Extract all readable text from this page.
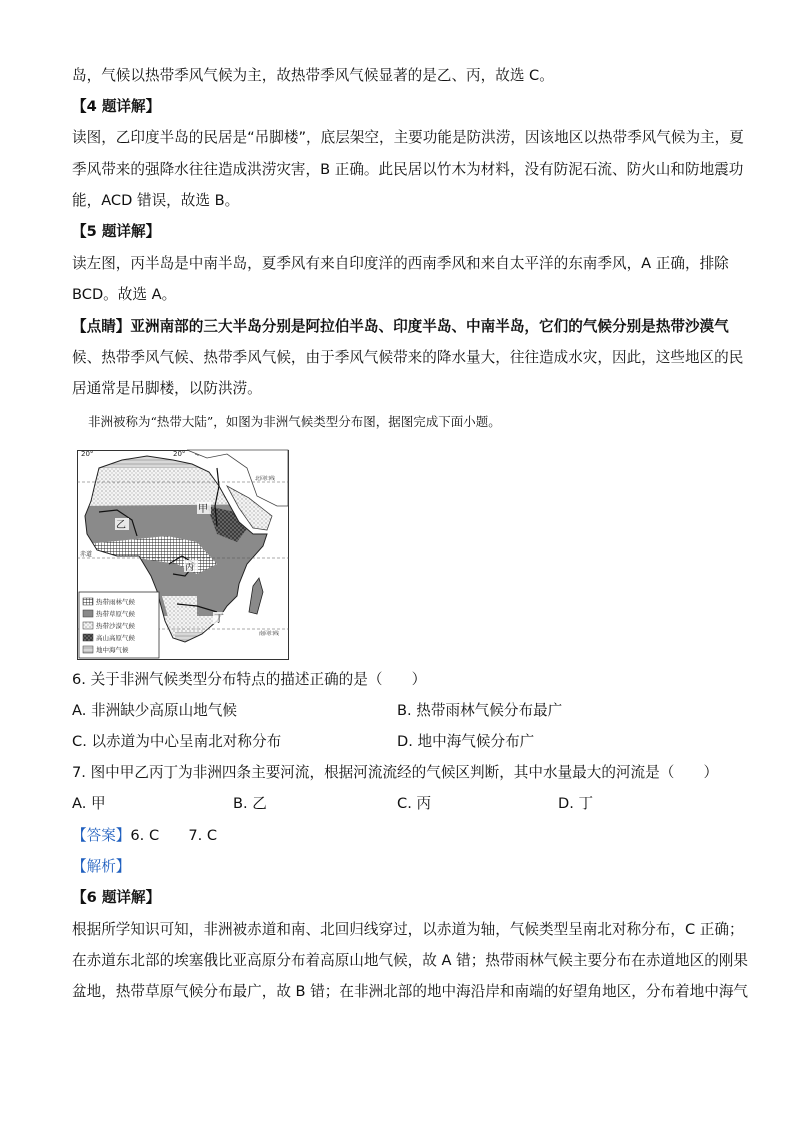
岛，气候以热带季风气候为主，故热带季风气候显著的是乙、丙，故选 C。
【4 题详解】
读图，乙印度半岛的民居是“吊脚楼”，底层架空，主要功能是防洪涝，因该地区以热带季风气候为主，夏
季风带来的强降水往往造成洪涝灾害，B 正确。此民居以竹木为材料，没有防泥石流、防火山和防地震功
能，ACD 错误，故选 B。
【5 题详解】
读左图，丙半岛是中南半岛，夏季风有来自印度洋的西南季风和来自太平洋的东南季风，A 正确，排除
BCD。故选 A。
【点睛】亚洲南部的三大半岛分别是阿拉伯半岛、印度半岛、中南半岛，它们的气候分别是热带沙漠气
候、热带季风气候、热带季风气候，由于季风气候带来的降水量大，往往造成水灾，因此，这些地区的民
居通常是吊脚楼，以防洪涝。
非洲被称为“热带大陆”，如图为非洲气候类型分布图，据图完成下面小题。
20°	20°
北回归线
赤道
南回归线
甲
乙
丙
丁
热带雨林气候
热带草原气候
热带沙漠气候
高山高原气候
地中海气候
6. 关于非洲气候类型分布特点的描述正确的是（　　）
A. 非洲缺少高原山地气候	B. 热带雨林气候分布最广
C. 以赤道为中心呈南北对称分布	D. 地中海气候分布广
7. 图中甲乙丙丁为非洲四条主要河流，根据河流流经的气候区判断，其中水量最大的河流是（　　）
A. 甲	B. 乙	C. 丙	D. 丁
【答案】6. C　　7. C
【解析】
【6 题详解】
根据所学知识可知，非洲被赤道和南、北回归线穿过，以赤道为轴，气候类型呈南北对称分布，C 正确；
在赤道东北部的埃塞俄比亚高原分布着高原山地气候，故 A 错；热带雨林气候主要分布在赤道地区的刚果
盆地，热带草原气候分布最广，故 B 错；在非洲北部的地中海沿岸和南端的好望角地区，分布着地中海气
